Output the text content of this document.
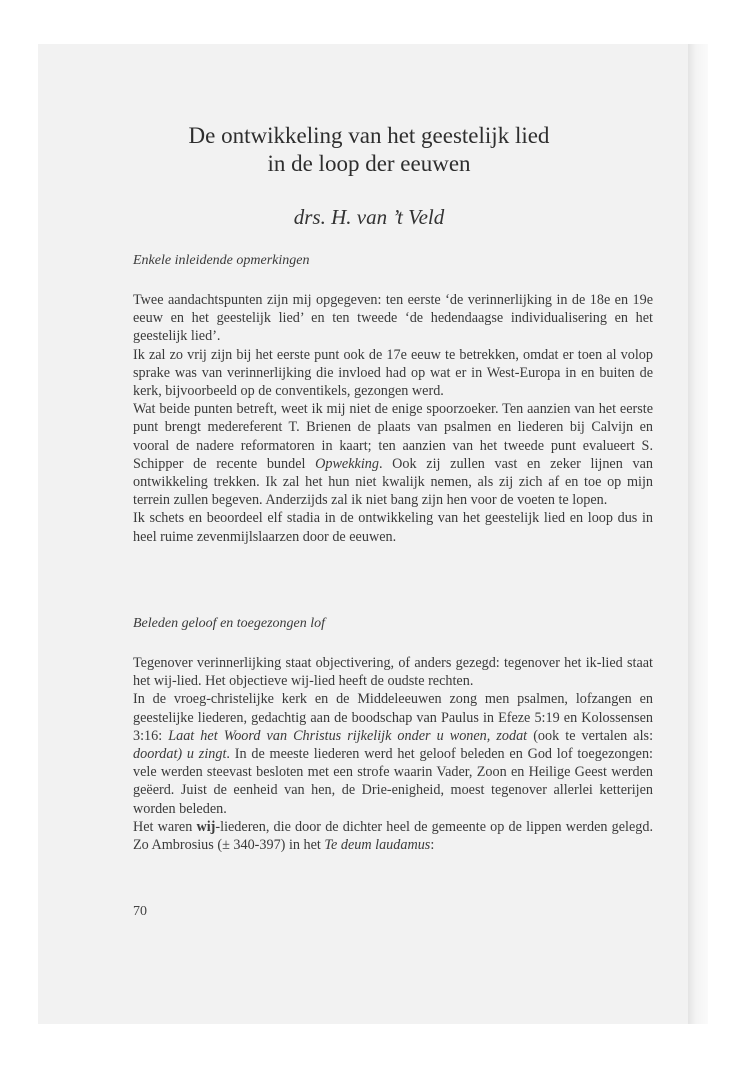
De ontwikkeling van het geestelijk lied
in de loop der eeuwen
drs. H. van ’t Veld
Enkele inleidende opmerkingen

Twee aandachtspunten zijn mij opgegeven: ten eerste ‘de verinnerlijking in de 18e en 19e eeuw en het geestelijk lied’ en ten tweede ‘de hedendaagse individualisering en het geestelijk lied’.

Ik zal zo vrij zijn bij het eerste punt ook de 17e eeuw te betrekken, omdat er toen al volop sprake was van verinnerlijking die invloed had op wat er in West-Europa in en buiten de kerk, bijvoorbeeld op de conventikels, gezongen werd.

Wat beide punten betreft, weet ik mij niet de enige spoorzoeker. Ten aanzien van het eerste punt brengt medereferent T. Brienen de plaats van psalmen en liederen bij Calvijn en vooral de nadere reformatoren in kaart; ten aanzien van het tweede punt evalueert S. Schipper de recente bundel Opwekking. Ook zij zullen vast en zeker lijnen van ontwikkeling trekken. Ik zal het hun niet kwalijk nemen, als zij zich af en toe op mijn terrein zullen begeven. Anderzijds zal ik niet bang zijn hen voor de voeten te lopen.

Ik schets en beoordeel elf stadia in de ontwikkeling van het geestelijk lied en loop dus in heel ruime zevenmijlslaarzen door de eeuwen.

Beleden geloof en toegezongen lof

Tegenover verinnerlijking staat objectivering, of anders gezegd: tegenover het ik-lied staat het wij-lied. Het objectieve wij-lied heeft de oudste rechten.

In de vroeg-christelijke kerk en de Middeleeuwen zong men psalmen, lofzangen en geestelijke liederen, gedachtig aan de boodschap van Paulus in Efeze 5:19 en Kolossensen 3:16: Laat het Woord van Christus rijkelijk onder u wonen, zodat (ook te vertalen als: doordat) u zingt. In de meeste liederen werd het geloof beleden en God lof toegezongen: vele werden steevast besloten met een strofe waarin Vader, Zoon en Heilige Geest werden geëerd. Juist de eenheid van hen, de Drie-enigheid, moest tegenover allerlei ketterijen worden beleden.

Het waren wij-liederen, die door de dichter heel de gemeente op de lippen werden gelegd. Zo Ambrosius (± 340-397) in het Te deum laudamus:

70
